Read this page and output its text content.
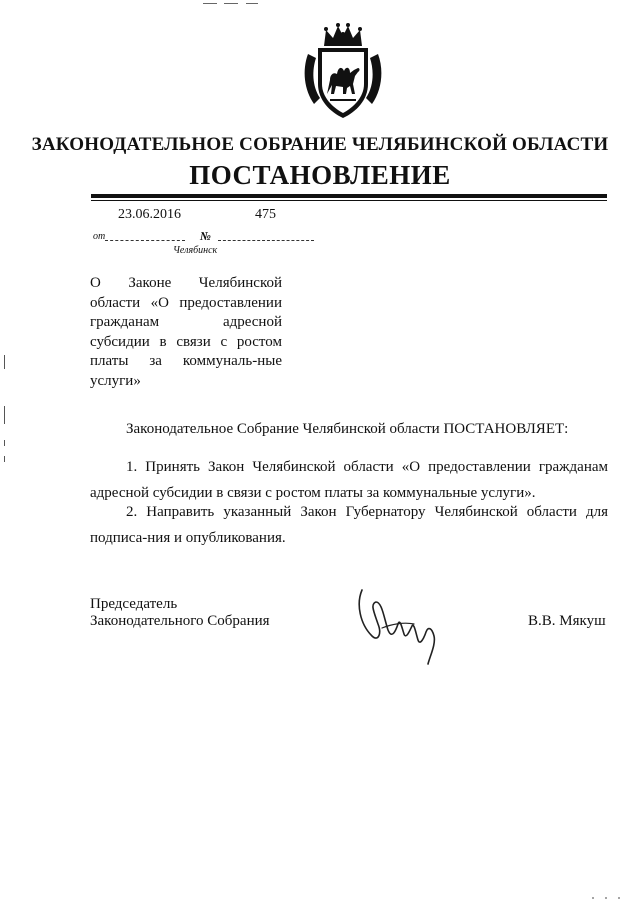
ЗАКОНОДАТЕЛЬНОЕ СОБРАНИЕ ЧЕЛЯБИНСКОЙ ОБЛАСТИ
ПОСТАНОВЛЕНИЕ
23.06.2016	475
от	№
Челябинск
О Законе Челябинской области «О предоставлении гражданам адресной субсидии в связи с ростом платы за коммуналь-ные услуги»
Законодательное Собрание Челябинской области ПОСТАНОВЛЯЕТ:
1. Принять Закон Челябинской области «О предоставлении гражданам адресной субсидии в связи с ростом платы за коммунальные услуги».
2. Направить указанный Закон Губернатору Челябинской области для подписа-ния и опубликования.
Председатель
Законодательного Собрания	В.В. Мякуш
